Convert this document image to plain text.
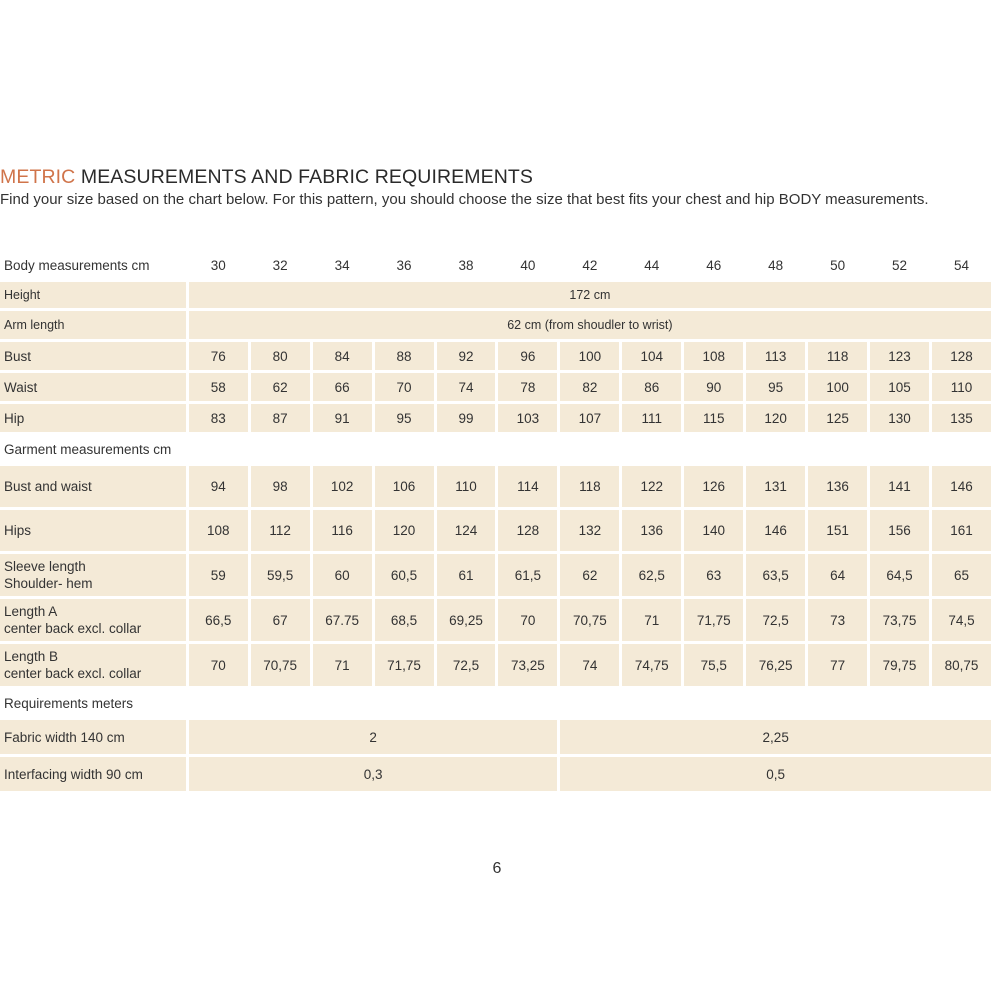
METRIC MEASUREMENTS AND FABRIC REQUIREMENTS
Find your size based on the chart below. For this pattern, you should choose the size that best fits your chest and hip BODY measurements.
Body measurements cm	30	32	34	36	38	40	42	44	46	48	50	52	54
Height	172 cm												
Arm length	62 cm (from shoudler to wrist)												
Bust	76	80	84	88	92	96	100	104	108	113	118	123	128
Waist	58	62	66	70	74	78	82	86	90	95	100	105	110
Hip	83	87	91	95	99	103	107	111	115	120	125	130	135
Garment measurements cm													

Bust and waist	94	98	102	106	110	114	118	122	126	131	136	141	146

Hips	108	112	116	120	124	128	132	136	140	146	151	156	161

Sleeve length
Shoulder- hem	59	59,5	60	60,5	61	61,5	62	62,5	63	63,5	64	64,5	65

Length A
center back excl. collar	66,5	67	67.75	68,5	69,25	70	70,75	71	71,75	72,5	73	73,75	74,5

Length B
center back excl. collar	70	70,75	71	71,75	72,5	73,25	74	74,75	75,5	76,25	77	79,75	80,75
Requirements meters													
Fabric width 140 cm	2						2,25						
Interfacing width 90 cm	0,3						0,5						
6
